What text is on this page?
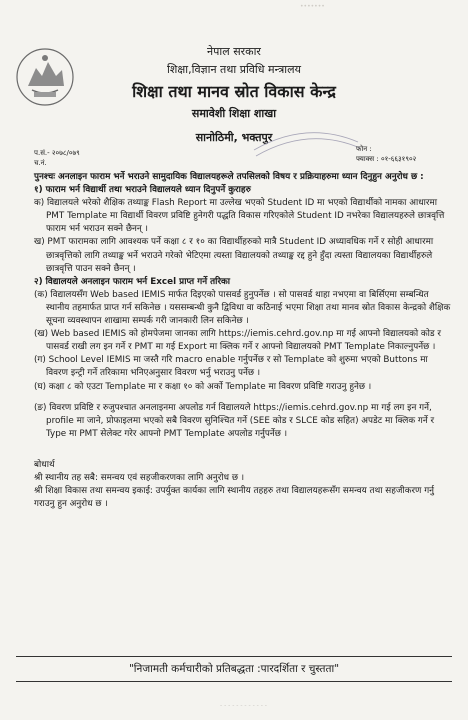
•••••••
नेपाल सरकार
शिक्षा,विज्ञान तथा प्रविधि मन्त्रालय
शिक्षा तथा मानव स्रोत विकास केन्द्र
समावेशी शिक्षा शाखा
सानोठिमी, भक्तपुर
प.सं.- २०७८/०७९
च.नं.
फोन :
फ्याक्स : ०१-६६३१९०२

पुनश्चः अनलाइन फाराम भर्ने भराउने सामुदायिक विद्यालयहरूले तपसिलको विषय र प्रक्रियाहरुमा ध्यान दिनुहुन अनुरोध छ :

१) फाराम भर्न विद्यार्थी तथा भराउने विद्यालयले ध्यान दिनुपर्ने कुराहरु

क) विद्यालयले भरेको शैक्षिक तथ्याङ्क Flash Report मा उल्लेख भएको Student ID मा भएको विद्यार्थीको नामका आधारमा PMT Template मा विद्यार्थी विवरण प्रविष्टि हुनेगरी पद्धति विकास गरिएकोले Student ID नभरेका विद्यालयहरुले छात्रवृत्ति फाराम भर्न भराउन सक्ने छैनन् ।

ख) PMT फारामका लागि आवश्यक पर्ने कक्षा ८ र १० का विद्यार्थीहरुको मात्रै Student ID अध्यावधिक गर्ने र सोही आधारमा छात्रवृत्तिको लागि तथ्याङ्क भर्ने भराउने गरेको भेटिएमा त्यस्ता विद्यालयको तथ्याङ्क रद्द हुने हुँदा त्यस्ता विद्यालयका विद्यार्थीहरुले छात्रवृत्ति पाउन सक्ने छैनन् ।

२) विद्यालयले अनलाइन फाराम भर्न Excel प्राप्त गर्ने तरिका

(क) विद्यालयसँग Web based IEMIS मार्फत दिइएको पासवर्ड हुनुपर्नेछ । सो पासवर्ड थाहा नभएमा वा बिर्सिएमा सम्बन्धित स्थानीय तहमार्फत प्राप्त गर्न सकिनेछ । यससम्बन्धी कुनै द्विविधा वा कठिनाई भएमा शिक्षा तथा मानव स्रोत विकास केन्द्रको शैक्षिक सूचना व्यवस्थापन शाखामा सम्पर्क गरी जानकारी लिन सकिनेछ ।

(ख) Web based IEMIS को होमपेजमा जानका लागि https://iemis.cehrd.gov.np मा गई आफ्नो विद्यालयको कोड र पासवर्ड राखी लग इन गर्ने र PMT मा गई Export मा क्लिक गर्ने र आफ्नो विद्यालयको PMT Template निकाल्नुपर्नेछ ।

(ग) School Level IEMIS मा जस्तै गरि macro enable गर्नुपर्नेछ र सो Template को शुरुमा भएको Buttons मा विवरण इन्ट्री गर्ने तरिकामा भनिएअनुसार विवरण भर्नु भराउनु पर्नेछ ।

(घ) कक्षा ८ को एउटा Template मा र कक्षा १० को अर्को Template मा विवरण प्रविष्टि गराउनु हुनेछ ।

(ङ) विवरण प्रविष्टि र रुजुपश्चात अनलाइनमा अपलोड गर्न विद्यालयले https://iemis.cehrd.gov.np मा गई लग इन गर्ने, profile मा जाने, प्रोफाइलमा भएको सबै विवरण सुनिश्चित गर्ने (SEE कोड र SLCE कोड सहित) अपडेट मा क्लिक गर्ने र Type मा PMT सेलेक्ट गरेर आफ्नो PMT Template अपलोड गर्नुपर्नेछ ।

बोधार्थ

श्री स्थानीय तह सबै: समन्वय एवं सहजीकरणका लागि अनुरोध छ ।

श्री शिक्षा विकास तथा समन्वय इकाई: उपर्युक्त कार्यका लागि स्थानीय तहहरु तथा विद्यालयहरूसँग समन्वय तथा सहजीकरण गर्नु गराउनु हुन अनुरोध छ ।

"निजामती कर्मचारीको प्रतिबद्धता :पारदर्शिता र चुस्तता"
- - - - - - - - - - - -
